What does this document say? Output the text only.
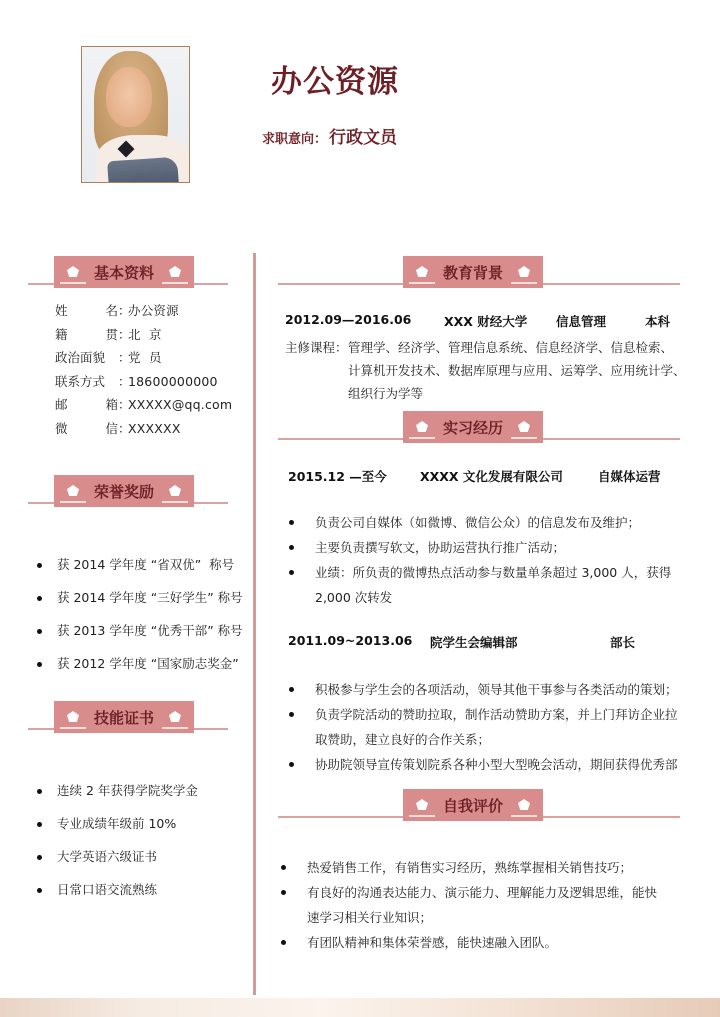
办公资源
求职意向： 行政文员
基本资料
姓	名 ：
办公资源
籍	贯 ：
北  京
政治面貌 ：
党  员
联系方式 ：
18600000000
邮	箱 ：
XXXXX@qq.com
微	信 ：
XXXXXX
荣誉奖励
获 2014 学年度 “省双优”  称号
获 2014 学年度 “三好学生” 称号
获 2013 学年度 “优秀干部” 称号
获 2012 学年度 “国家励志奖金”
技能证书
连续 2 年获得学院奖学金
专业成绩年级前 10%
大学英语六级证书
日常口语交流熟练
教育背景
2012.09—2016.06	XXX 财经大学 信息管理	本科
主修课程： 管理学、经济学、管理信息系统、信息经济学、信息检索、
计算机开发技术、数据库原理与应用、运筹学、应用统计学、
组织行为学等
实习经历
2015.12 —至今	XXXX 文化发展有限公司	自媒体运营
负责公司自媒体（如微博、微信公众）的信息发布及维护；
主要负责撰写软文，协助运营执行推广活动；
业绩：所负责的微博热点活动参与数量单条超过 3,000 人，获得
2,000 次转发
2011.09~2013.06 院学生会编辑部	部长
积极参与学生会的各项活动，领导其他干事参与各类活动的策划；
负责学院活动的赞助拉取，制作活动赞助方案，并上门拜访企业拉
取赞助，建立良好的合作关系；
协助院领导宣传策划院系各种小型大型晚会活动，期间获得优秀部
自我评价
热爱销售工作，有销售实习经历，熟练掌握相关销售技巧；
有良好的沟通表达能力、演示能力、理解能力及逻辑思维，能快
速学习相关行业知识；
有团队精神和集体荣誉感，能快速融入团队。
